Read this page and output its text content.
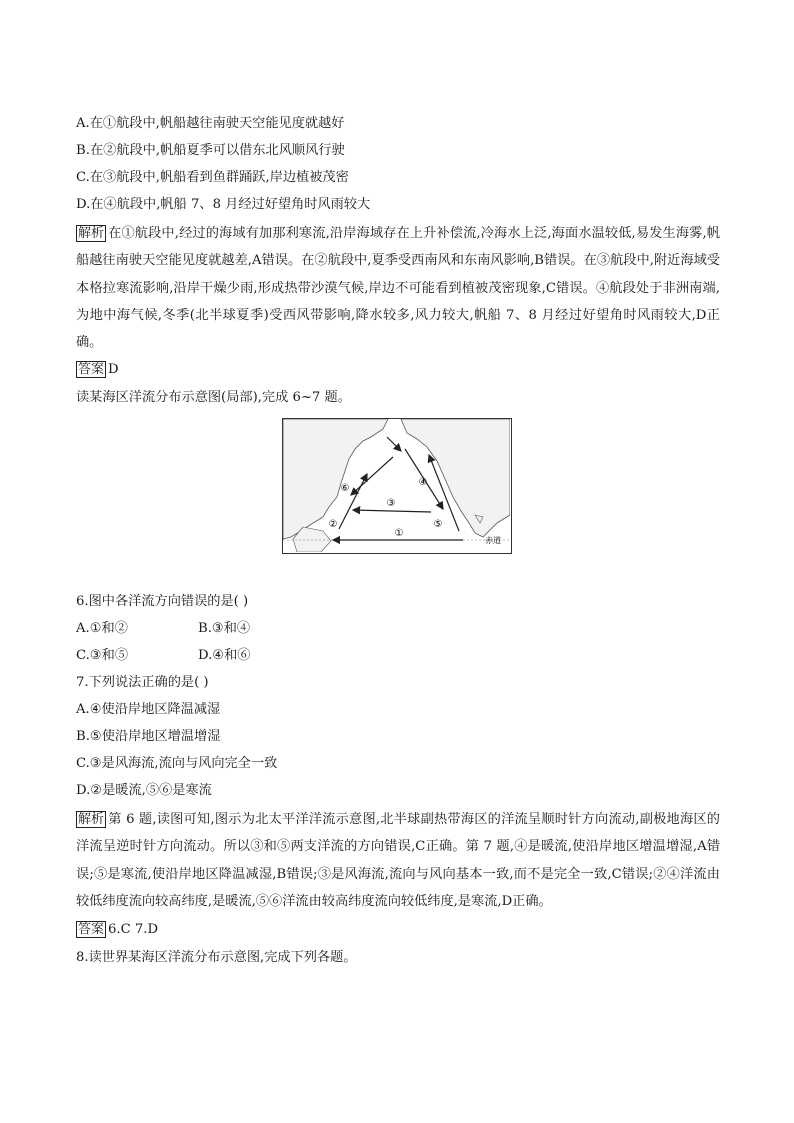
A.在①航段中,帆船越往南驶天空能见度就越好
B.在②航段中,帆船夏季可以借东北风顺风行驶
C.在③航段中,帆船看到鱼群踊跃,岸边植被茂密
D.在④航段中,帆船 7、8 月经过好望角时风雨较大
解析 在①航段中,经过的海域有加那利寒流,沿岸海域存在上升补偿流,冷海水上泛,海面水温较低,易发生海雾,帆船越往南驶天空能见度就越差,A错误。在②航段中,夏季受西南风和东南风影响,B错误。在③航段中,附近海域受本格拉寒流影响,沿岸干燥少雨,形成热带沙漠气候,岸边不可能看到植被茂密现象,C错误。④航段处于非洲南端,为地中海气候,冬季(北半球夏季)受西风带影响,降水较多,风力较大,帆船 7、8 月经过好望角时风雨较大,D正确。
答案 D
读某海区洋流分布示意图(局部),完成 6~7 题。
①
②
③
④
⑤
⑥
赤道
6.图中各洋流方向错误的是( )
A.①和②	B.③和④
C.③和⑤	D.④和⑥
7.下列说法正确的是( )
A.④使沿岸地区降温减湿
B.⑤使沿岸地区增温增湿
C.③是风海流,流向与风向完全一致
D.②是暖流,⑤⑥是寒流
解析 第 6 题,读图可知,图示为北太平洋洋流示意图,北半球副热带海区的洋流呈顺时针方向流动,副极地海区的洋流呈逆时针方向流动。所以③和⑤两支洋流的方向错误,C正确。第 7 题,④是暖流,使沿岸地区增温增湿,A错误;⑤是寒流,使沿岸地区降温减湿,B错误;③是风海流,流向与风向基本一致,而不是完全一致,C错误;②④洋流由较低纬度流向较高纬度,是暖流,⑤⑥洋流由较高纬度流向较低纬度,是寒流,D正确。
答案 6.C 7.D
8.读世界某海区洋流分布示意图,完成下列各题。
